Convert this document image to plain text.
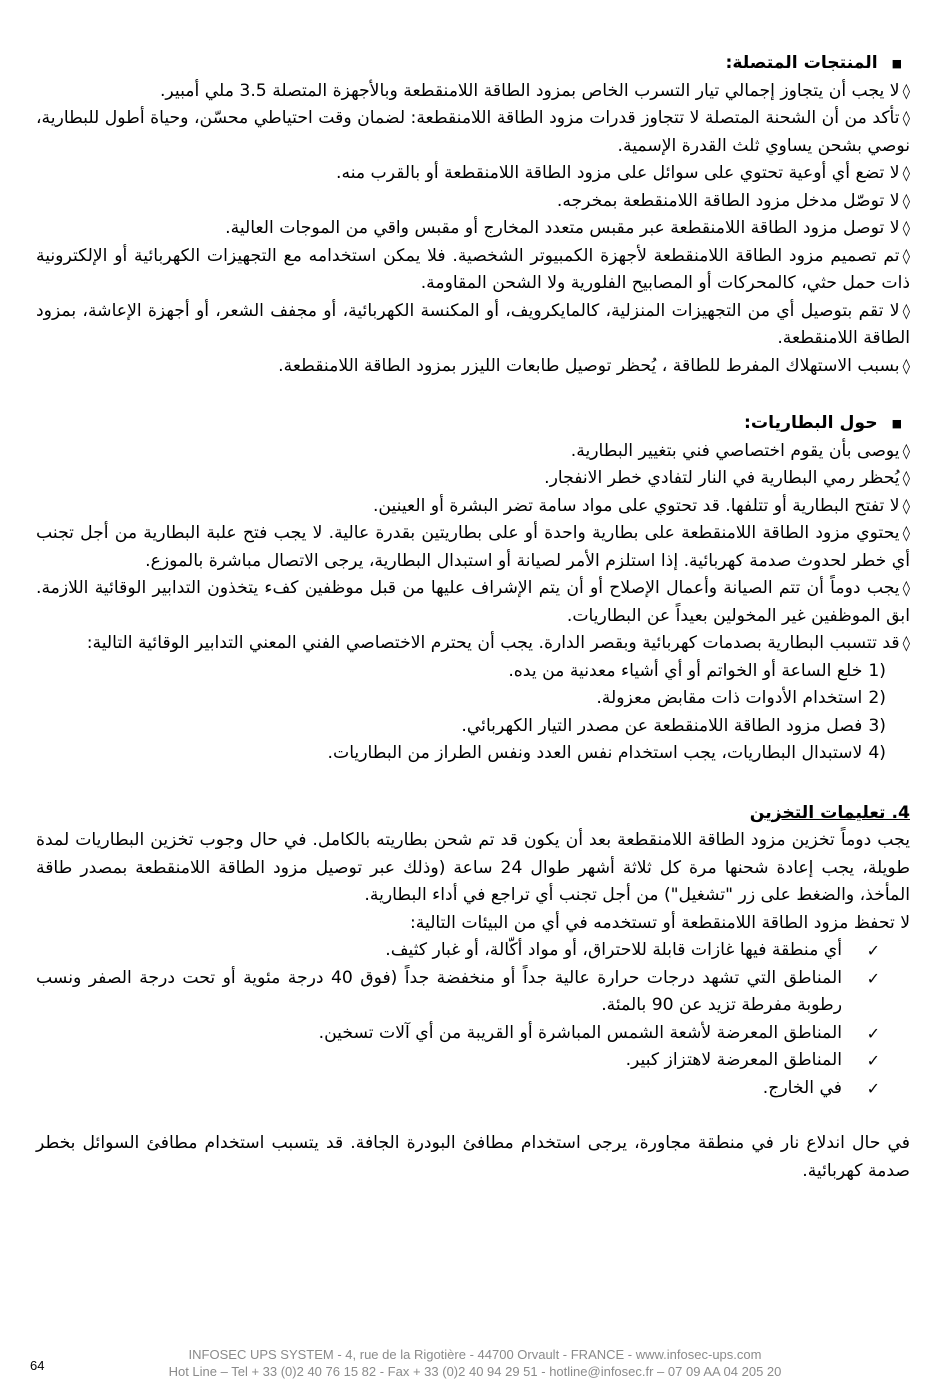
■
المنتجات المتصلة:
◊لا يجب أن يتجاوز إجمالي تيار التسرب الخاص بمزود الطاقة اللامنقطعة وبالأجهزة المتصلة 3.5 ملي أمبير.
◊تأكد من أن الشحنة المتصلة لا تتجاوز قدرات مزود الطاقة اللامنقطعة: لضمان وقت احتياطي محسّن، وحياة أطول للبطارية، نوصي بشحن يساوي ثلث القدرة الإسمية.
◊لا تضع أي أوعية تحتوي على سوائل على مزود الطاقة اللامنقطعة أو بالقرب منه.
◊لا توصّل مدخل مزود الطاقة اللامنقطعة بمخرجه.
◊لا توصل مزود الطاقة اللامنقطعة عبر مقبس متعدد المخارج أو مقبس واقي من الموجات العالية.
◊تم تصميم مزود الطاقة اللامنقطعة لأجهزة الكمبيوتر الشخصية. فلا يمكن استخدامه مع التجهيزات الكهربائية أو الإلكترونية ذات حمل حثي، كالمحركات أو المصابيح الفلورية ولا الشحن المقاومة.
◊لا تقم بتوصيل أي من التجهيزات المنزلية، كالمايكرويف، أو المكنسة الكهربائية، أو مجفف الشعر، أو أجهزة الإعاشة، بمزود الطاقة اللامنقطعة.
◊بسبب الاستهلاك المفرط للطاقة ، يُحظر توصيل طابعات الليزر بمزود الطاقة اللامنقطعة.
■
حول البطاريات:
◊يوصى بأن يقوم اختصاصي فني بتغيير البطارية.
◊يُحظر رمي البطارية في النار لتفادي خطر الانفجار.
◊لا تفتح البطارية أو تتلفها. قد تحتوي على مواد سامة تضر البشرة أو العينين.
◊يحتوي مزود الطاقة اللامنقطعة على بطارية واحدة أو على بطاريتين بقدرة عالية. لا يجب فتح علبة البطارية من أجل تجنب أي خطر لحدوث صدمة كهربائية. إذا استلزم الأمر لصيانة أو استبدال البطارية، يرجى الاتصال مباشرة بالموزع.
◊يجب دوماً أن تتم الصيانة وأعمال الإصلاح أو أن يتم الإشراف عليها من قبل موظفين كفء يتخذون التدابير الوقائية اللازمة. ابق الموظفين غير المخولين بعيداً عن البطاريات.
◊قد تتسبب البطارية بصدمات كهربائية وبقصر الدارة. يجب أن يحترم الاختصاصي الفني المعني التدابير الوقائية التالية:
1)
خلع الساعة أو الخواتم أو أي أشياء معدنية من يده.
2)
استخدام الأدوات ذات مقابض معزولة.
3)
فصل مزود الطاقة اللامنقطعة عن مصدر التيار الكهربائي.
4)
لاستبدال البطاريات، يجب استخدام نفس العدد ونفس الطراز من البطاريات.
4. تعليمات التخزين
يجب دوماً تخزين مزود الطاقة اللامنقطعة بعد أن يكون قد تم شحن بطاريته بالكامل. في حال وجوب تخزين البطاريات لمدة طويلة، يجب إعادة شحنها مرة كل ثلاثة أشهر طوال 24 ساعة (وذلك عبر توصيل مزود الطاقة اللامنقطعة بمصدر طاقة المأخذ، والضغط على زر "تشغيل") من أجل تجنب أي تراجع في أداء البطارية.
لا تحفظ مزود الطاقة اللامنقطعة أو تستخدمه في أي من البيئات التالية:
✓
أي منطقة فيها غازات قابلة للاحتراق، أو مواد أكّالة، أو غبار كثيف.
✓
المناطق التي تشهد درجات حرارة عالية جداً أو منخفضة جداً (فوق 40 درجة مئوية أو تحت درجة الصفر ونسب رطوبة مفرطة تزيد عن 90 بالمئة.
✓
المناطق المعرضة لأشعة الشمس المباشرة أو القريبة من أي آلات تسخين.
✓
المناطق المعرضة لاهتزاز كبير.
✓
في الخارج.
في حال اندلاع نار في منطقة مجاورة، يرجى استخدام مطافئ البودرة الجافة. قد يتسبب استخدام مطافئ السوائل بخطر صدمة كهربائية.
64
INFOSEC UPS SYSTEM - 4, rue de la Rigotière - 44700 Orvault - FRANCE - www.infosec-ups.com
Hot Line – Tel + 33 (0)2 40 76 15 82 - Fax + 33 (0)2 40 94 29 51 - hotline@infosec.fr – 07 09 AA 04 205 20
